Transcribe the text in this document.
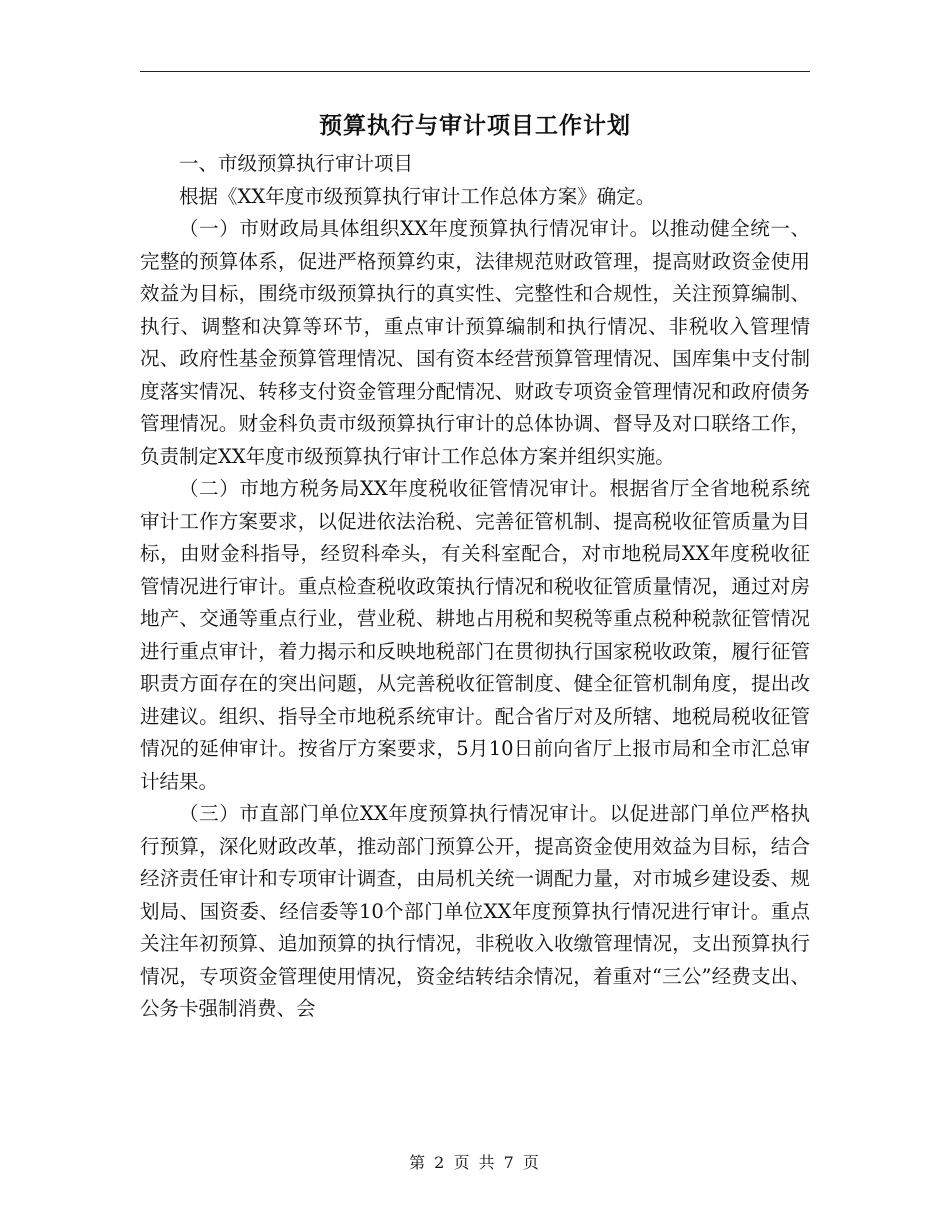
预算执行与审计项目工作计划

一、市级预算执行审计项目

根据《XX年度市级预算执行审计工作总体方案》确定。

（一）市财政局具体组织XX年度预算执行情况审计。以推动健全统一、完整的预算体系，促进严格预算约束，法律规范财政管理，提高财政资金使用效益为目标，围绕市级预算执行的真实性、完整性和合规性，关注预算编制、执行、调整和决算等环节，重点审计预算编制和执行情况、非税收入管理情况、政府性基金预算管理情况、国有资本经营预算管理情况、国库集中支付制度落实情况、转移支付资金管理分配情况、财政专项资金管理情况和政府债务管理情况。财金科负责市级预算执行审计的总体协调、督导及对口联络工作，负责制定XX年度市级预算执行审计工作总体方案并组织实施。

（二）市地方税务局XX年度税收征管情况审计。根据省厅全省地税系统审计工作方案要求，以促进依法治税、完善征管机制、提高税收征管质量为目标，由财金科指导，经贸科牵头，有关科室配合，对市地税局XX年度税收征管情况进行审计。重点检查税收政策执行情况和税收征管质量情况，通过对房地产、交通等重点行业，营业税、耕地占用税和契税等重点税种税款征管情况进行重点审计，着力揭示和反映地税部门在贯彻执行国家税收政策，履行征管职责方面存在的突出问题，从完善税收征管制度、健全征管机制角度，提出改进建议。组织、指导全市地税系统审计。配合省厅对及所辖、地税局税收征管情况的延伸审计。按省厅方案要求，5月10日前向省厅上报市局和全市汇总审计结果。

（三）市直部门单位XX年度预算执行情况审计。以促进部门单位严格执行预算，深化财政改革，推动部门预算公开，提高资金使用效益为目标，结合经济责任审计和专项审计调查，由局机关统一调配力量，对市城乡建设委、规划局、国资委、经信委等10个部门单位XX年度预算执行情况进行审计。重点关注年初预算、追加预算的执行情况，非税收入收缴管理情况，支出预算执行情况，专项资金管理使用情况，资金结转结余情况，着重对“三公”经费支出、公务卡强制消费、会

第 2 页 共 7 页
